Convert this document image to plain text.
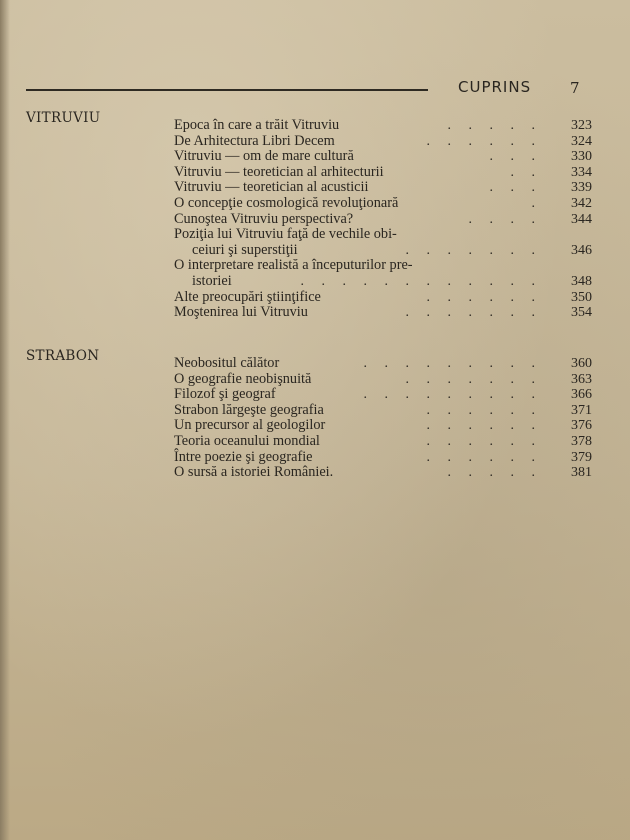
CUPRINS	7
VITRUVIU	Epoca în care a trăit Vitruviu	. . . . .	323
De Arhitectura Libri Decem	. . . . . .	324
Vitruviu — om de mare cultură	. . .	330
Vitruviu — teoretician al arhitecturii	. .	334
Vitruviu — teoretician al acusticii	. . .	339
O concepţie cosmologică revoluţionară	.	342
Cunoştea Vitruviu perspectiva?	. . . .	344
Poziţia lui Vitruviu faţă de vechile obi-
ceiuri şi superstiţii	. . . . . . .	346
O interpretare realistă a începuturilor pre-
istoriei	. . . . . . . . . . . .	348
Alte preocupări ştiinţifice	. . . . . .	350
Moştenirea lui Vitruviu	. . . . . . .	354
STRABON	Neobositul călător	. . . . . . . . .	360
O geografie neobişnuită	. . . . . . .	363
Filozof şi geograf	. . . . . . . . .	366
Strabon lărgeşte geografia	. . . . . .	371
Un precursor al geologilor	. . . . . .	376
Teoria oceanului mondial	. . . . . .	378
Între poezie şi geografie	. . . . . .	379
O sursă a istoriei României.	. . . . .	381
